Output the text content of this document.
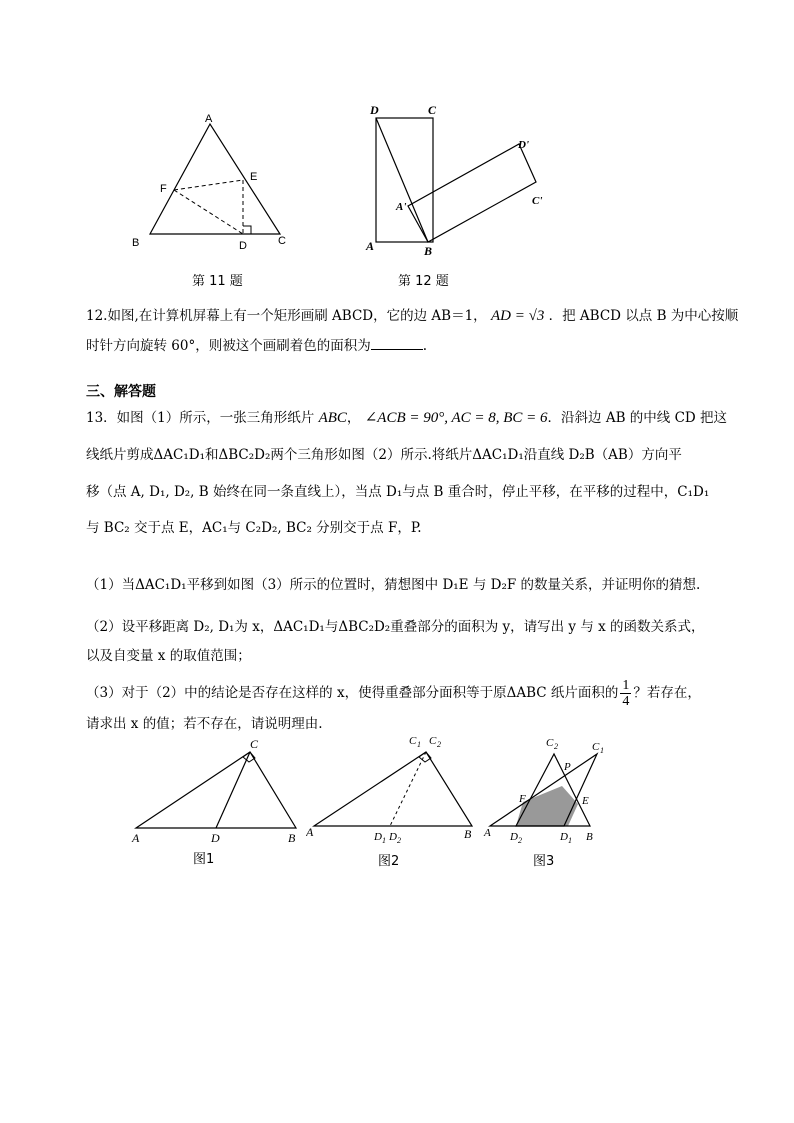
A
B	C
D
E
F
第 11 题
D	C
A	B
A'
D'
C'
第 12 题
12.如图,在计算机屏幕上有一个矩形画刷 ABCD，它的边 AB＝1， AD = √3 ．把 ABCD 以点 B 为中心按顺
时针方向旋转 60°，则被这个画刷着色的面积为	.
三、解答题
13．如图（1）所示，一张三角形纸片 ABC， ∠ACB = 90°, AC = 8, BC = 6．沿斜边 AB 的中线 CD 把这
线纸片剪成ΔAC₁D₁和ΔBC₂D₂两个三角形如图（2）所示.将纸片ΔAC₁D₁沿直线 D₂B（AB）方向平
移（点 A, D₁, D₂, B 始终在同一条直线上），当点 D₁与点 B 重合时，停止平移，在平移的过程中，C₁D₁
与 BC₂ 交于点 E，AC₁与 C₂D₂, BC₂ 分别交于点 F，P.
（1）当ΔAC₁D₁平移到如图（3）所示的位置时，猜想图中 D₁E 与 D₂F 的数量关系，并证明你的猜想.
（2）设平移距离 D₂, D₁为 x，ΔAC₁D₁与ΔBC₂D₂重叠部分的面积为 y，请写出 y 与 x 的函数关系式，
以及自变量 x 的取值范围；
（3）对于（2）中的结论是否存在这样的 x，使得重叠部分面积等于原ΔABC 纸片面积的 $\frac{1}{4}$ ？若存在，
请求出 x 的值；若不存在，请说明理由.
C
A	D	B
图1
C 1 C 2
A	D 1 D 2	B
图2
C 2	C 1
P
F	E
A D 2	D 1 B
图3
